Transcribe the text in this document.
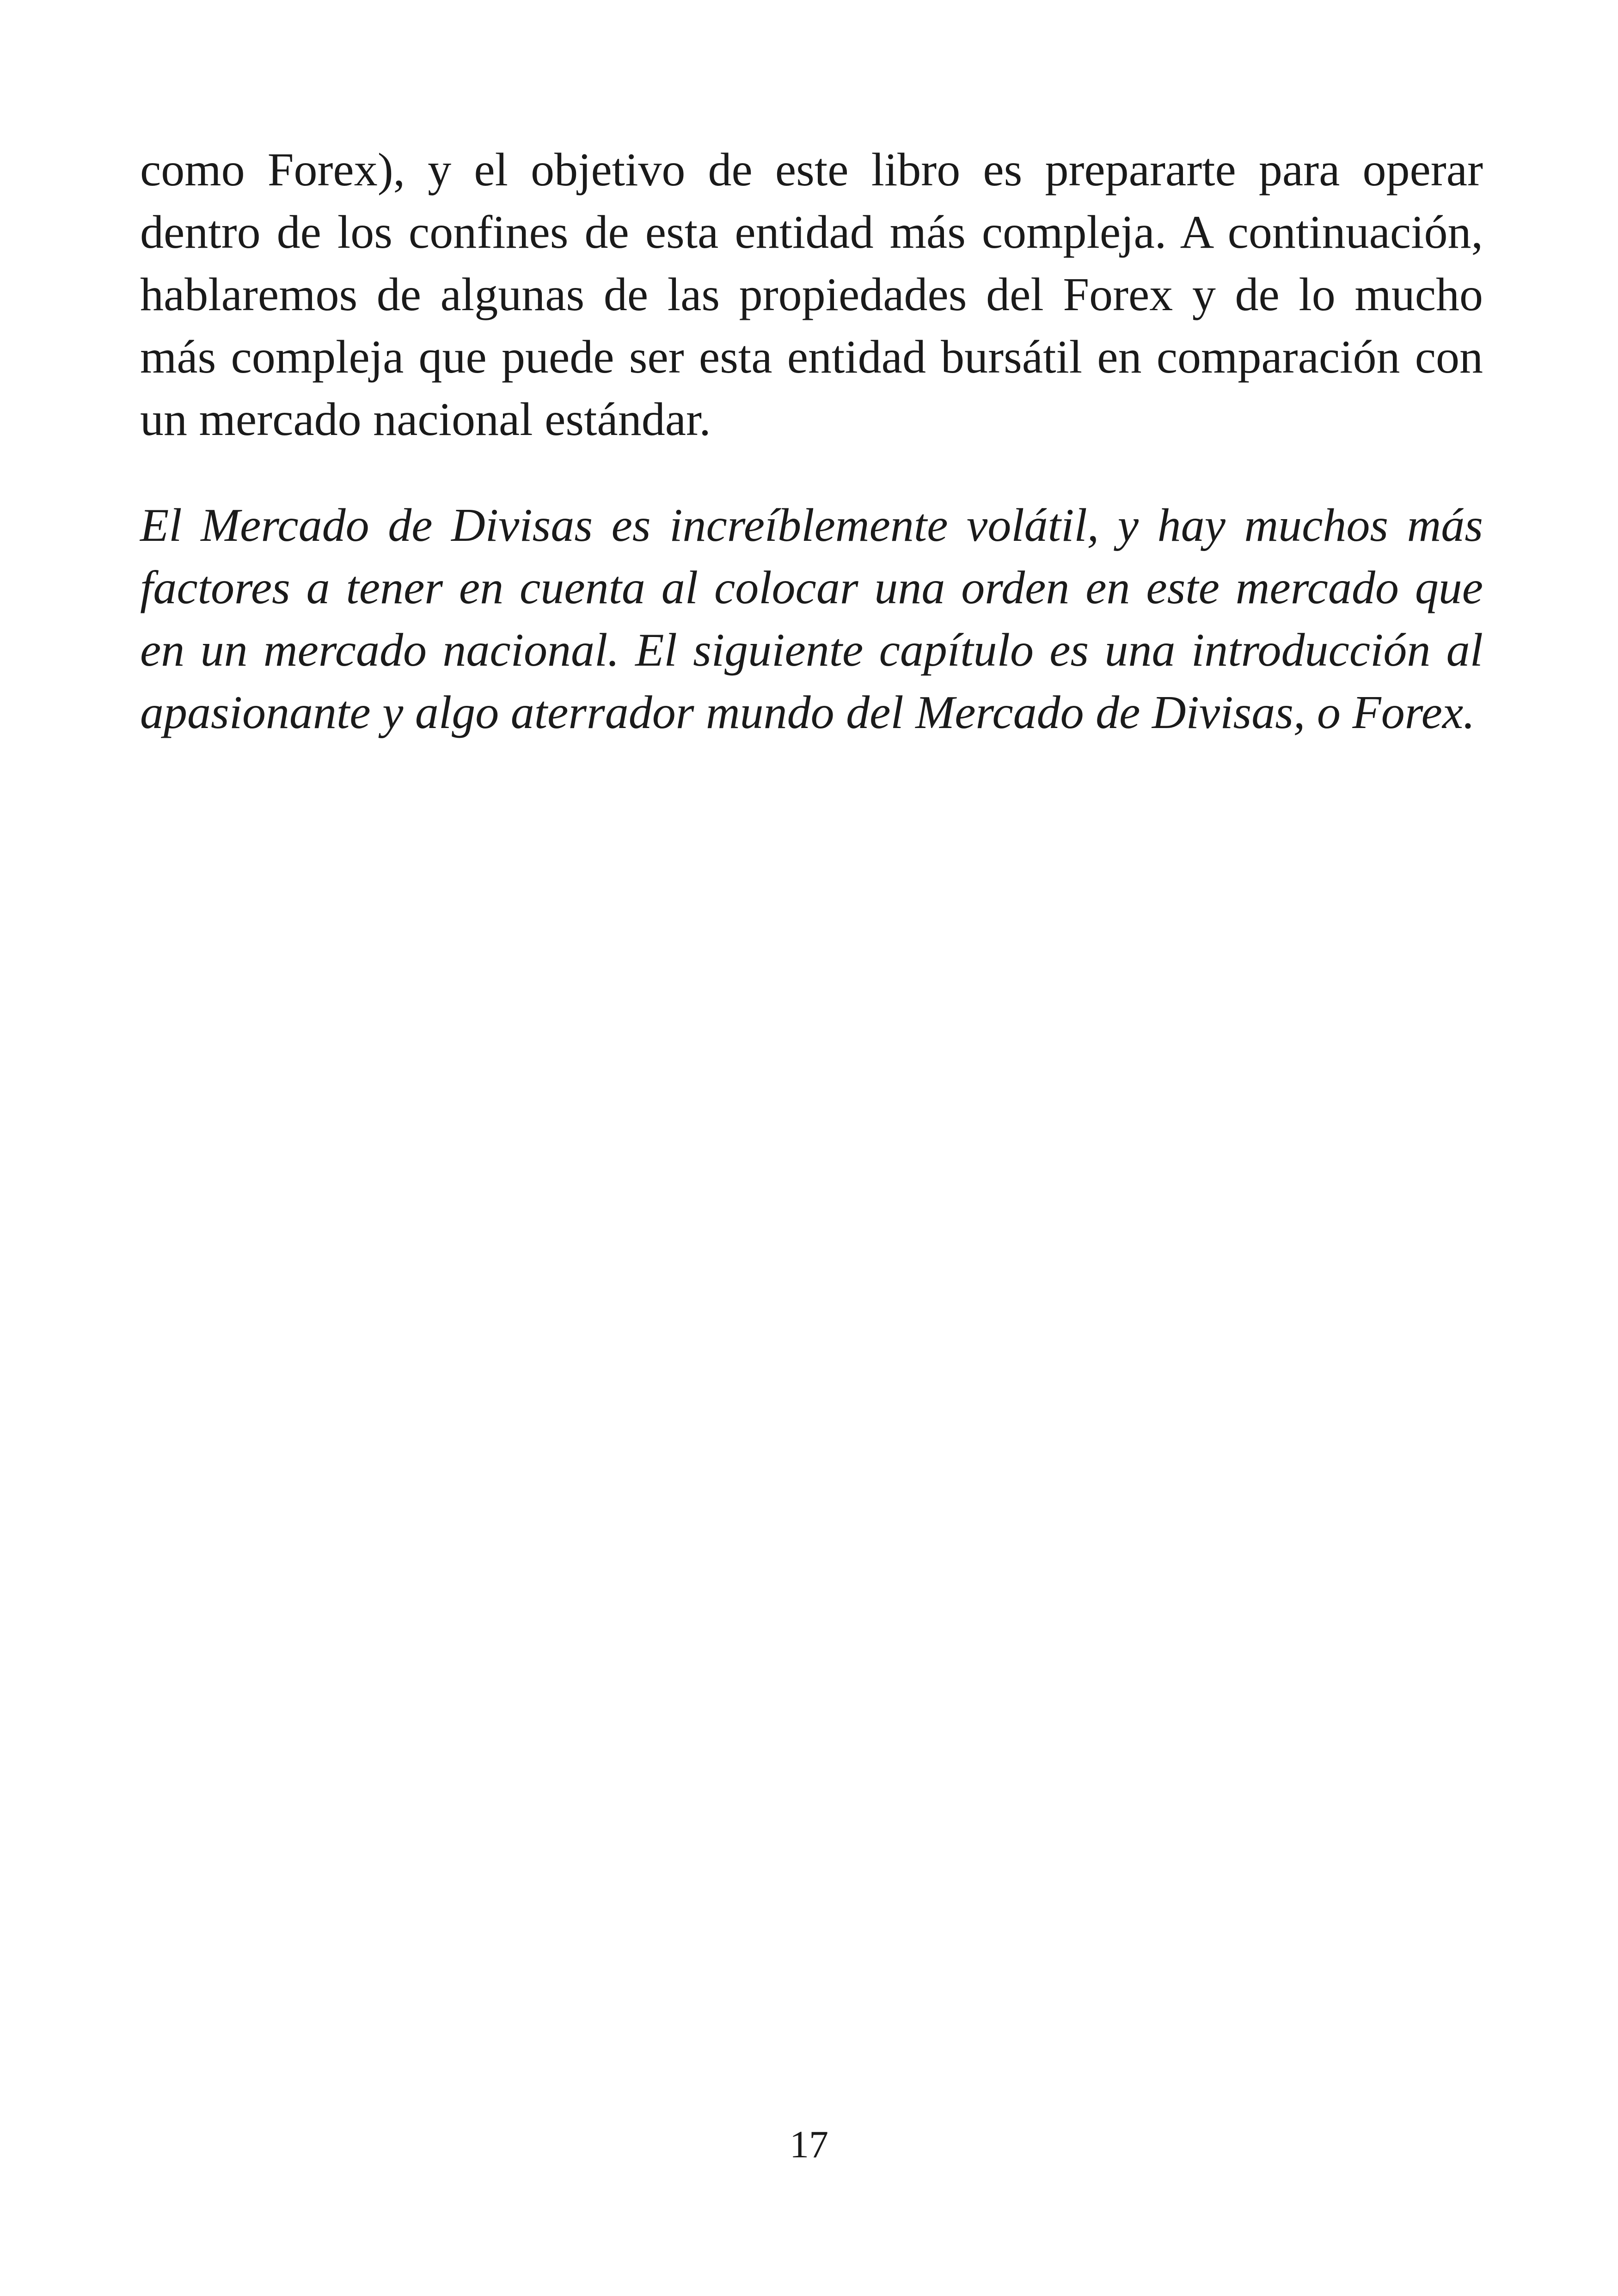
como Forex), y el objetivo de este libro es prepararte para operar dentro de los confines de esta entidad más compleja. A continuación, hablaremos de algunas de las propiedades del Forex y de lo mucho más compleja que puede ser esta entidad bursátil en comparación con un mercado nacional estándar.

El Mercado de Divisas es increíblemente volátil, y hay muchos más factores a tener en cuenta al colocar una orden en este mercado que en un mercado nacional. El siguiente capítulo es una introducción al apasionante y algo aterrador mundo del Mercado de Divisas, o Forex.

17
